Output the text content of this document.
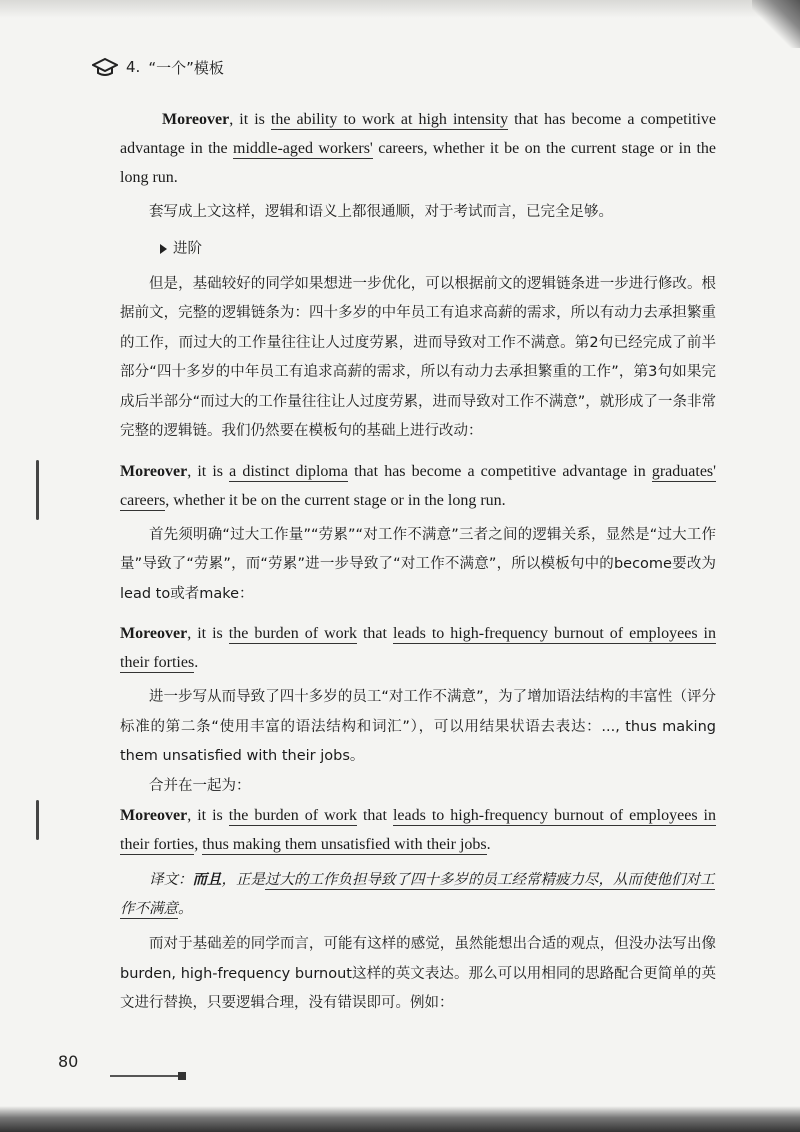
4. “一个”模板

Moreover, it is the ability to work at high intensity that has become a competitive advantage in the middle-aged workers' careers, whether it be on the current stage or in the long run.

套写成上文这样，逻辑和语义上都很通顺，对于考试而言，已完全足够。

进阶

但是，基础较好的同学如果想进一步优化，可以根据前文的逻辑链条进一步进行修改。根据前文，完整的逻辑链条为：四十多岁的中年员工有追求高薪的需求，所以有动力去承担繁重的工作，而过大的工作量往往让人过度劳累，进而导致对工作不满意。第2句已经完成了前半部分“四十多岁的中年员工有追求高薪的需求，所以有动力去承担繁重的工作”，第3句如果完成后半部分“而过大的工作量往往让人过度劳累，进而导致对工作不满意”，就形成了一条非常完整的逻辑链。我们仍然要在模板句的基础上进行改动：

Moreover, it is a distinct diploma that has become a competitive advantage in graduates' careers, whether it be on the current stage or in the long run.

首先须明确“过大工作量”“劳累”“对工作不满意”三者之间的逻辑关系，显然是“过大工作量”导致了“劳累”，而“劳累”进一步导致了“对工作不满意”，所以模板句中的become要改为lead to或者make：

Moreover, it is the burden of work that leads to high-frequency burnout of employees in their forties.

进一步写从而导致了四十多岁的员工“对工作不满意”，为了增加语法结构的丰富性（评分标准的第二条“使用丰富的语法结构和词汇”），可以用结果状语去表达：..., thus making them unsatisfied with their jobs。

合并在一起为：

Moreover, it is the burden of work that leads to high-frequency burnout of employees in their forties, thus making them unsatisfied with their jobs.

译文：而且，正是过大的工作负担导致了四十多岁的员工经常精疲力尽，从而使他们对工作不满意。

而对于基础差的同学而言，可能有这样的感觉，虽然能想出合适的观点，但没办法写出像burden, high-frequency burnout这样的英文表达。那么可以用相同的思路配合更简单的英文进行替换，只要逻辑合理，没有错误即可。例如：

80
